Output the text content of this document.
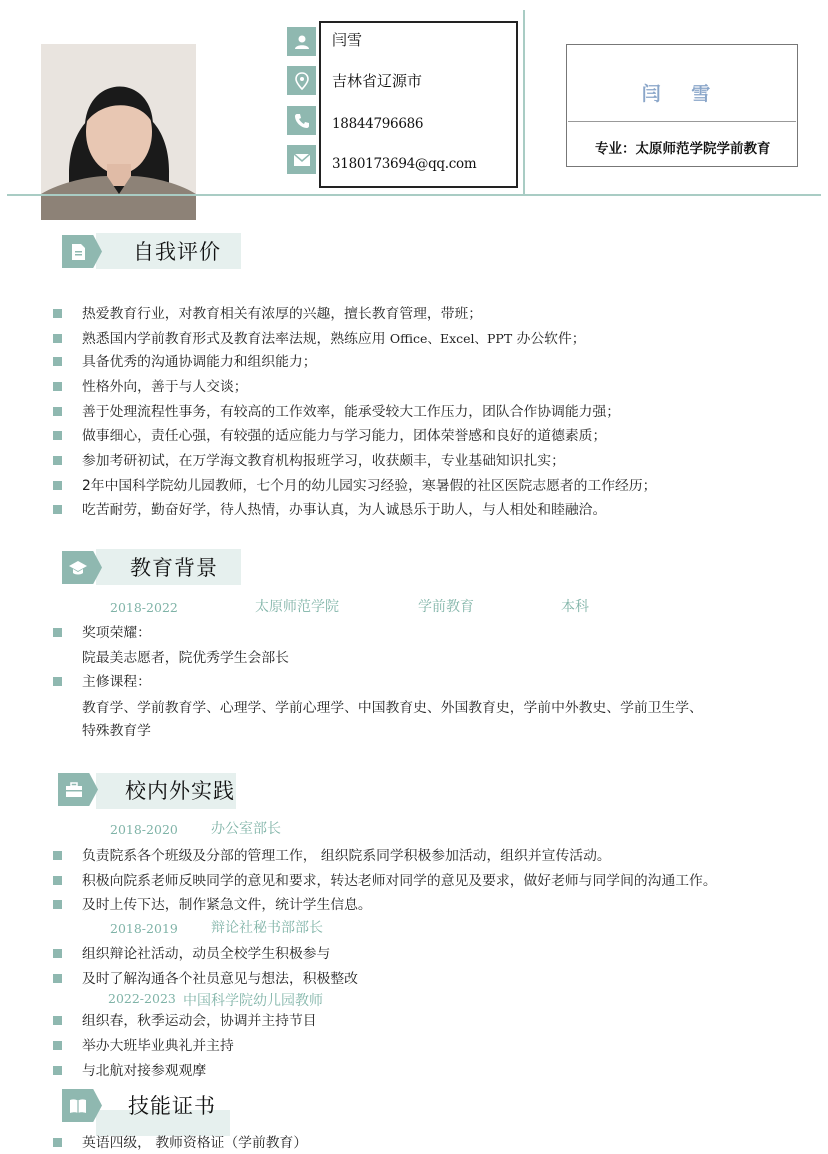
闫雪
吉林省辽源市
18844796686
3180173694@qq.com
闫 雪
专业：太原师范学院学前教育
自我评价
热爱教育行业，对教育相关有浓厚的兴趣，擅长教育管理，带班；
熟悉国内学前教育形式及教育法率法规，熟练应用 Office、Excel、PPT 办公软件；
具备优秀的沟通协调能力和组织能力；
性格外向，善于与人交谈；
善于处理流程性事务，有较高的工作效率，能承受较大工作压力，团队合作协调能力强；
做事细心，责任心强，有较强的适应能力与学习能力，团体荣誉感和良好的道德素质；
参加考研初试，在万学海文教育机构报班学习，收获颇丰，专业基础知识扎实；
2年中国科学院幼儿园教师，七个月的幼儿园实习经验，寒暑假的社区医院志愿者的工作经历；
吃苦耐劳，勤奋好学，待人热情，办事认真，为人诚恳乐于助人，与人相处和睦融洽。
教育背景
2018-2022	太原师范学院	学前教育	本科
奖项荣耀：
院最美志愿者，院优秀学生会部长
主修课程：
教育学、学前教育学、心理学、学前心理学、中国教育史、外国教育史，学前中外教史、学前卫生学、
特殊教育学
校内外实践
2018-2020 办公室部长
负责院系各个班级及分部的管理工作， 组织院系同学积极参加活动，组织并宣传活动。
积极向院系老师反映同学的意见和要求，转达老师对同学的意见及要求，做好老师与同学间的沟通工作。
及时上传下达，制作紧急文件，统计学生信息。
2018-2019 辩论社秘书部部长
组织辩论社活动，动员全校学生积极参与
及时了解沟通各个社员意见与想法，积极整改
2022-2023 中国科学院幼儿园教师
组织春，秋季运动会，协调并主持节目
举办大班毕业典礼并主持
与北航对接参观观摩
技能证书
英语四级， 教师资格证（学前教育）
